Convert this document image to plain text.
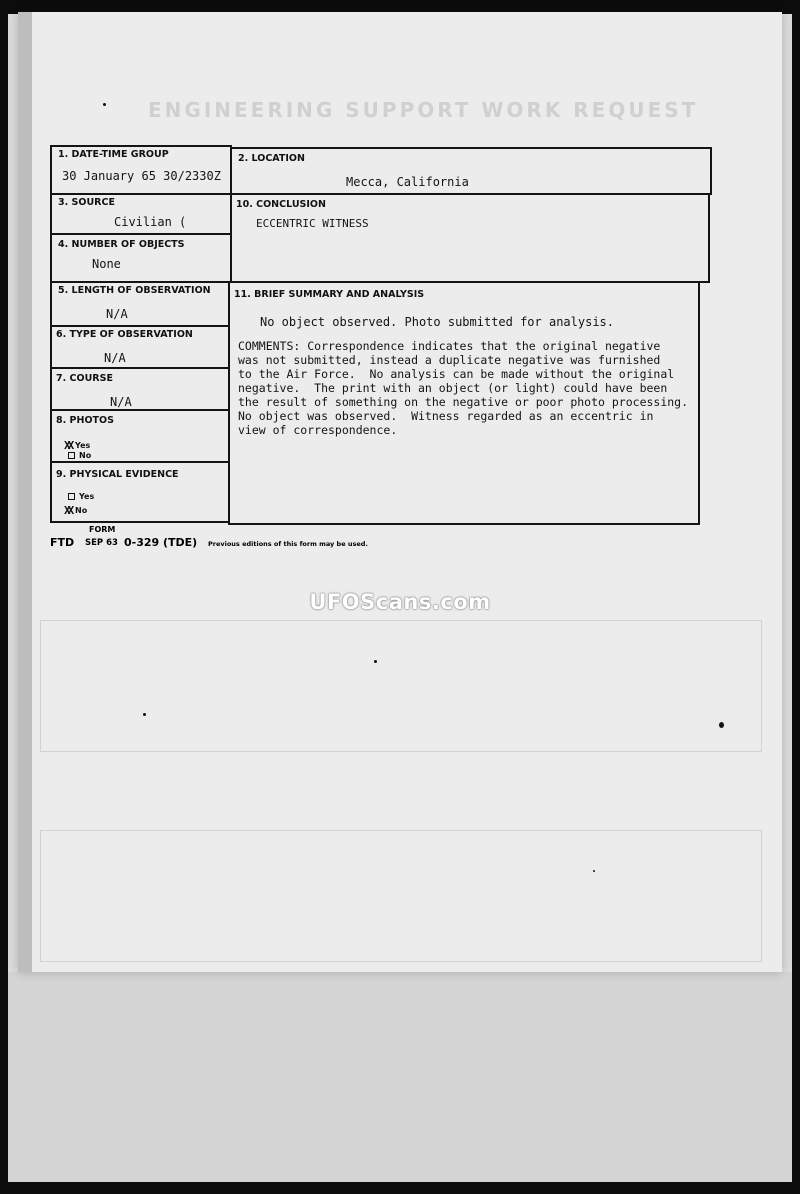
ENGINEERING SUPPORT WORK REQUEST
1. DATE-TIME GROUP
30 January 65 30/2330Z
2. LOCATION
Mecca, California
3. SOURCE
Civilian (
10. CONCLUSION
ECCENTRIC WITNESS
4. NUMBER OF OBJECTS
None
5. LENGTH OF OBSERVATION
N/A
6. TYPE OF OBSERVATION
N/A
7. COURSE
N/A
8. PHOTOS
XX Yes
No
9. PHYSICAL EVIDENCE
Yes
XX No
11. BRIEF SUMMARY AND ANALYSIS
No object observed. Photo submitted for analysis.
COMMENTS: Correspondence indicates that the original negative
was not submitted, instead a duplicate negative was furnished
to the Air Force.  No analysis can be made without the original
negative.  The print with an object (or light) could have been
the result of something on the negative or poor photo processing.
No object was observed.  Witness regarded as an eccentric in
view of correspondence.
FORM
FTD SEP 63 0-329 (TDE) Previous editions of this form may be used.
UFOScans.com
